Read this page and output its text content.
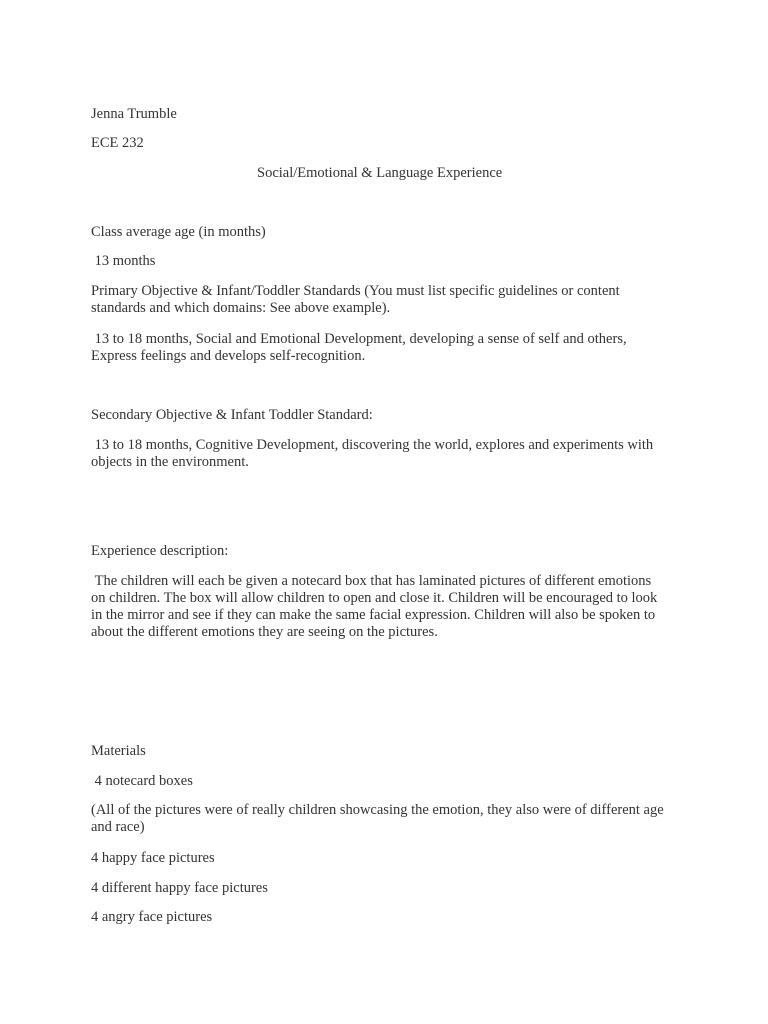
Jenna Trumble

ECE 232

Social/Emotional & Language Experience

Class average age (in months)

13 months

Primary Objective & Infant/Toddler Standards (You must list specific guidelines or content standards and which domains: See above example).

13 to 18 months, Social and Emotional Development, developing a sense of self and others, Express feelings and develops self-recognition.

Secondary Objective & Infant Toddler Standard:

13 to 18 months, Cognitive Development, discovering the world, explores and experiments with objects in the environment.

Experience description:

The children will each be given a notecard box that has laminated pictures of different emotions on children. The box will allow children to open and close it. Children will be encouraged to look in the mirror and see if they can make the same facial expression. Children will also be spoken to about the different emotions they are seeing on the pictures.

Materials

4 notecard boxes

(All of the pictures were of really children showcasing the emotion, they also were of different age and race)

4 happy face pictures

4 different happy face pictures

4 angry face pictures
